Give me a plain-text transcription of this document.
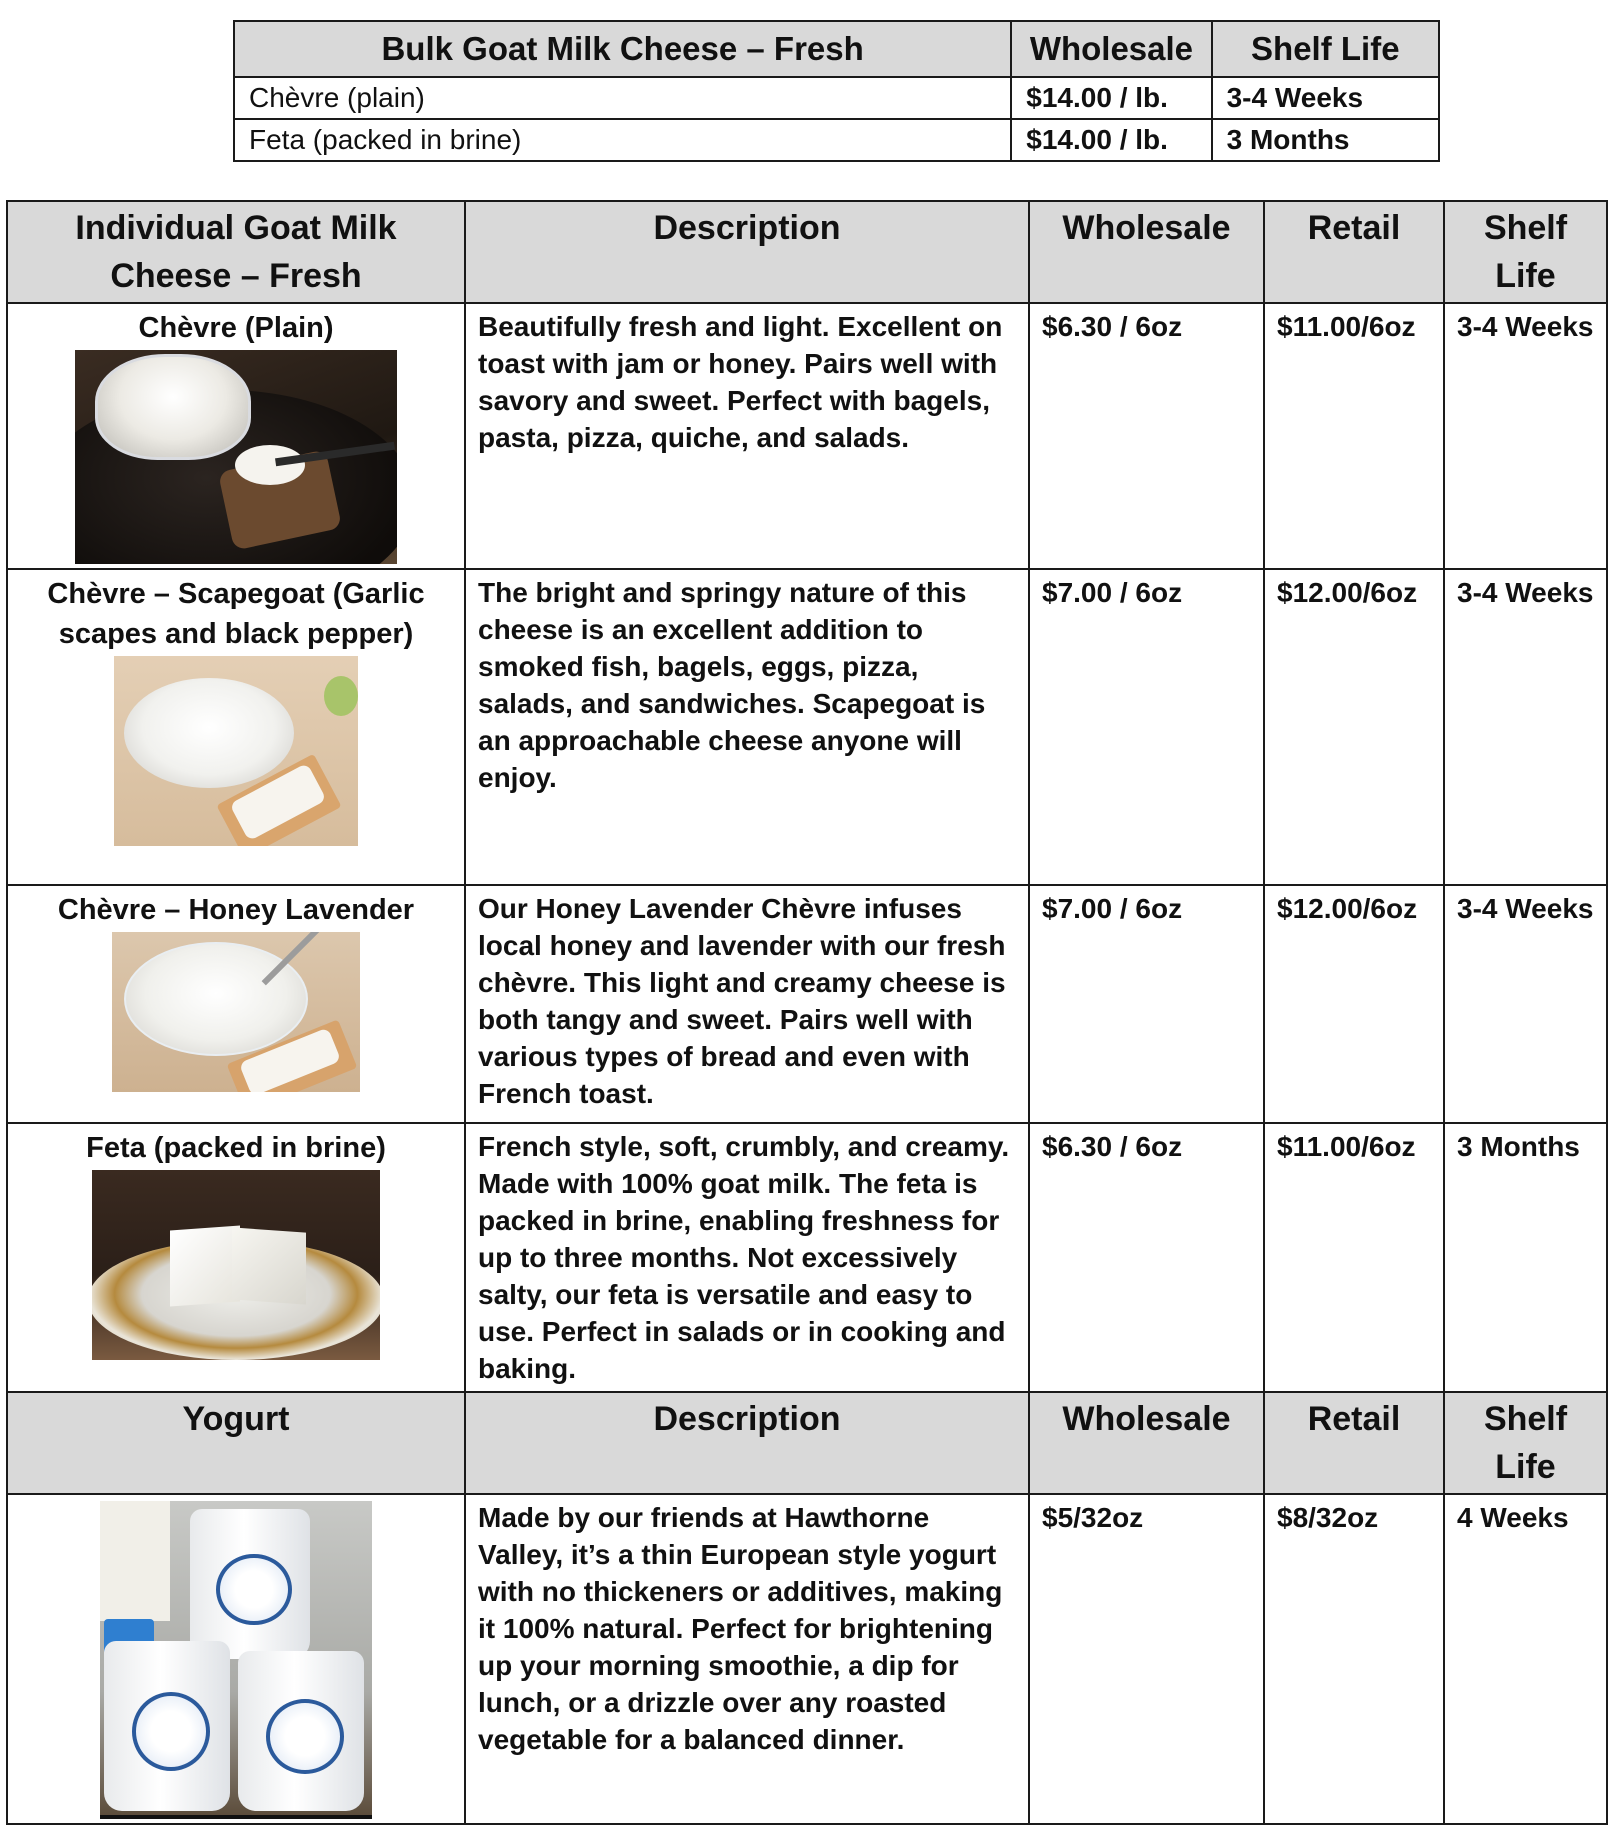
Bulk Goat Milk Cheese – Fresh	Wholesale	Shelf Life
Chèvre (plain)	$14.00 / lb.	3-4 Weeks
Feta (packed in brine)	$14.00 / lb.	3 Months
Individual Goat Milk Cheese – Fresh	Description	Wholesale	Retail	Shelf Life

Chèvre (Plain)	Beautifully fresh and light. Excellent on toast with jam or honey. Pairs well with savory and sweet. Perfect with bagels, pasta, pizza, quiche, and salads.	$6.30 / 6oz	$11.00/6oz	3-4 Weeks

Chèvre – Scapegoat (Garlic scapes and black pepper)	The bright and springy nature of this cheese is an excellent addition to smoked fish, bagels, eggs, pizza, salads, and sandwiches. Scapegoat is an approachable cheese anyone will enjoy.	$7.00 / 6oz	$12.00/6oz	3-4 Weeks

Chèvre – Honey Lavender	Our Honey Lavender Chèvre infuses local honey and lavender with our fresh chèvre. This light and creamy cheese is both tangy and sweet. Pairs well with various types of bread and even with French toast.	$7.00 / 6oz	$12.00/6oz	3-4 Weeks

Feta (packed in brine)	French style, soft, crumbly, and creamy. Made with 100% goat milk. The feta is packed in brine, enabling freshness for up to three months. Not excessively salty, our feta is versatile and easy to use. Perfect in salads or in cooking and baking.	$6.30 / 6oz	$11.00/6oz	3 Months
Yogurt	Description	Wholesale	Retail	Shelf Life

	Made by our friends at Hawthorne Valley, it’s a thin European style yogurt with no thickeners or additives, making it 100% natural. Perfect for brightening up your morning smoothie, a dip for lunch, or a drizzle over any roasted vegetable for a balanced dinner.	$5/32oz	$8/32oz	4 Weeks
